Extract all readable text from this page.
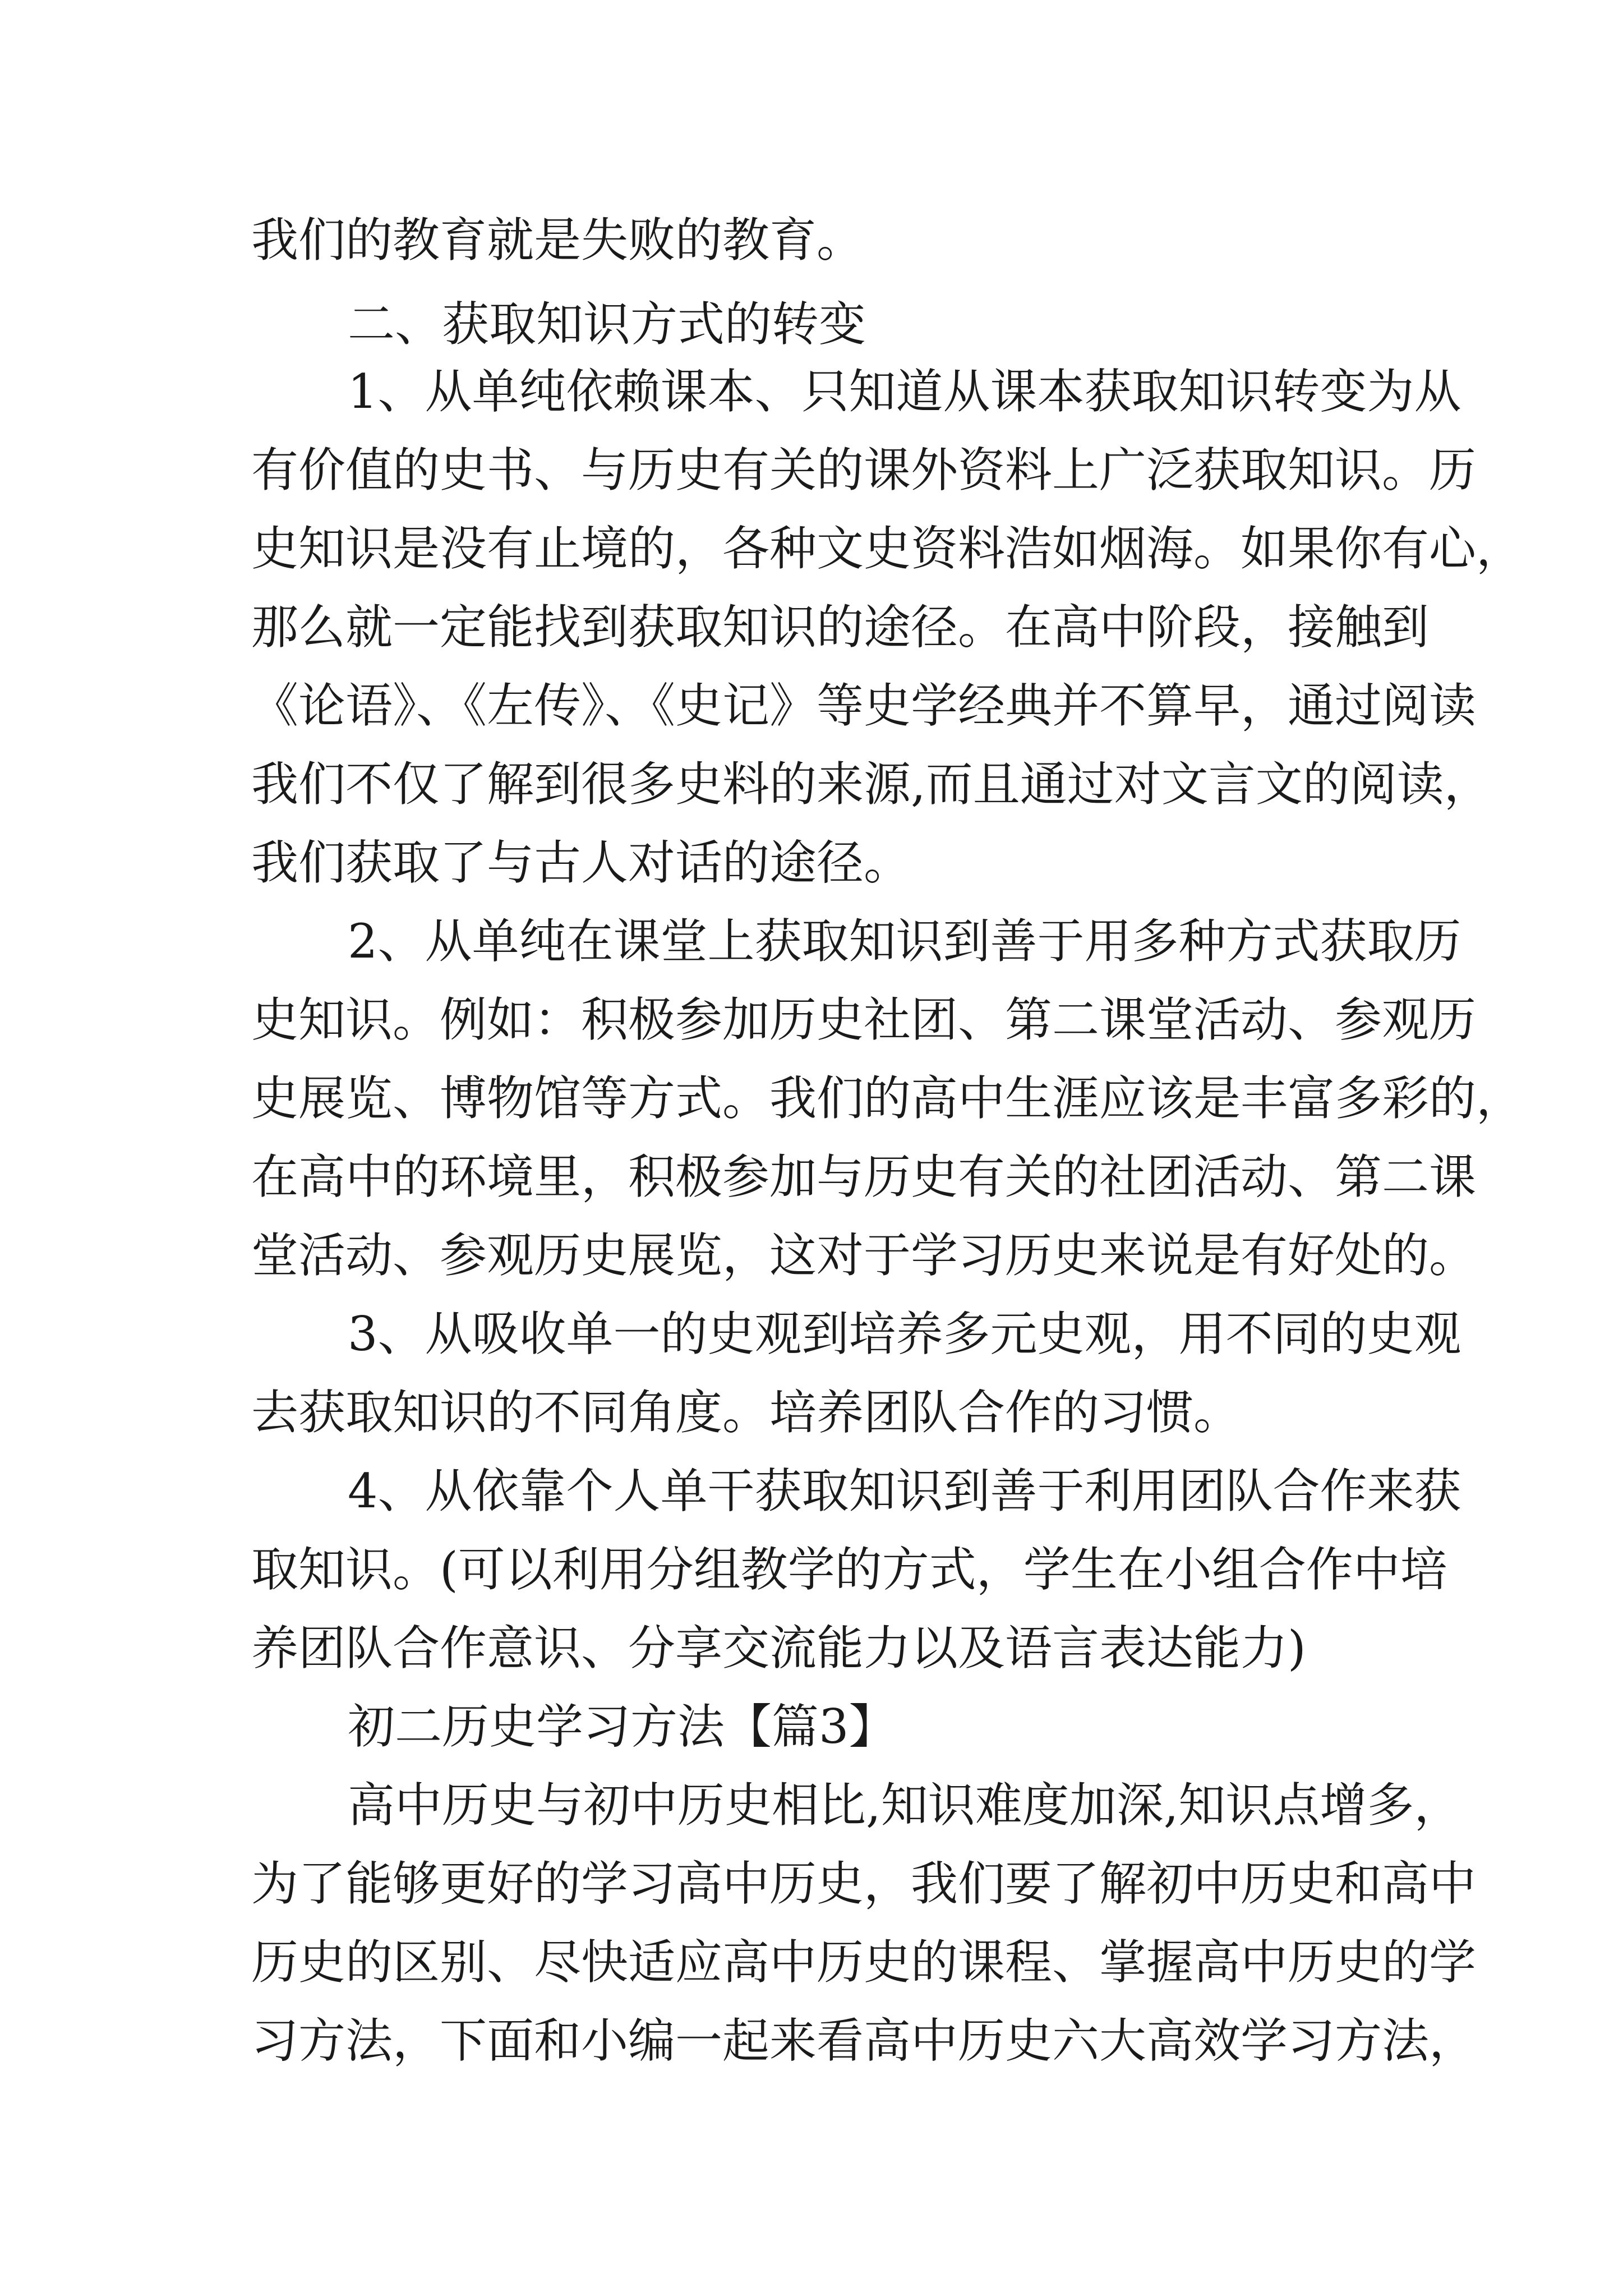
我们的教育就是失败的教育。
二、获取知识方式的转变
1、从单纯依赖课本、只知道从课本获取知识转变为从
有价值的史书、与历史有关的课外资料上广泛获取知识。历
史知识是没有止境的，各种文史资料浩如烟海。如果你有心，
那么就一定能找到获取知识的途径。在高中阶段，接触到
《论语》、《左传》、《史记》等史学经典并不算早，通过阅读
我们不仅了解到很多史料的来源,而且通过对文言文的阅读，
我们获取了与古人对话的途径。
2、从单纯在课堂上获取知识到善于用多种方式获取历
史知识。例如：积极参加历史社团、第二课堂活动、参观历
史展览、博物馆等方式。我们的高中生涯应该是丰富多彩的，
在高中的环境里，积极参加与历史有关的社团活动、第二课
堂活动、参观历史展览，这对于学习历史来说是有好处的。
3、从吸收单一的史观到培养多元史观，用不同的史观
去获取知识的不同角度。培养团队合作的习惯。
4、从依靠个人单干获取知识到善于利用团队合作来获
取知识。(可以利用分组教学的方式，学生在小组合作中培
养团队合作意识、分享交流能力以及语言表达能力)
初二历史学习方法【篇3】
高中历史与初中历史相比,知识难度加深,知识点增多，
为了能够更好的学习高中历史，我们要了解初中历史和高中
历史的区别、尽快适应高中历史的课程、掌握高中历史的学
习方法，下面和小编一起来看高中历史六大高效学习方法，
